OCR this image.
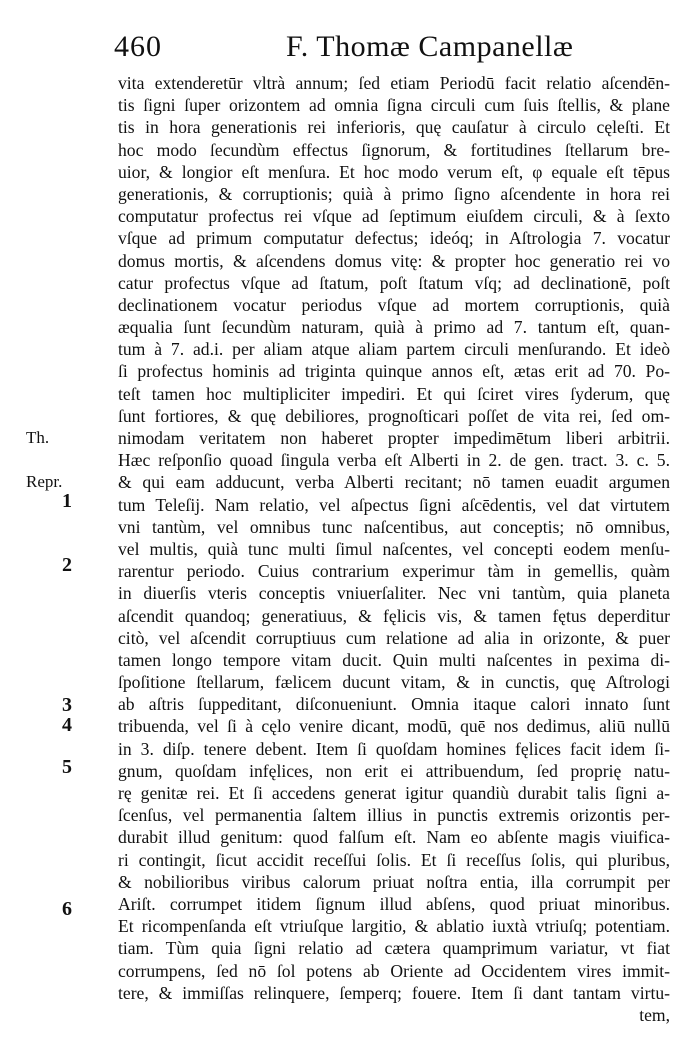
460	F. Thomæ Campanellæ
Th.
Repr.
1
2
3
4
5
6
vita extenderetūr vltrà annum; ſed etiam Periodū facit relatio aſcendēn-
tis ſigni ſuper orizontem ad omnia ſigna circuli cum ſuis ſtellis, & plane
tis in hora generationis rei inferioris, quę cauſatur à circulo cęleſti. Et
hoc modo ſecundùm effectus ſignorum, & fortitudines ſtellarum bre-
uior, & longior eſt menſura. Et hoc modo verum eſt, φ equale eſt tēpus
generationis, & corruptionis; quià à primo ſigno aſcendente in hora rei
computatur profectus rei vſque ad ſeptimum eiuſdem circuli, & à ſexto
vſque ad primum computatur defectus; ideóq; in Aſtrologia 7. vocatur
domus mortis, & aſcendens domus vitę: & propter hoc generatio rei vo
catur profectus vſque ad ſtatum, poſt ſtatum vſq; ad declinationē, poſt
declinationem vocatur periodus vſque ad mortem corruptionis, quià
æqualia ſunt ſecundùm naturam, quià à primo ad 7. tantum eſt, quan-
tum à 7. ad.i. per aliam atque aliam partem circuli menſurando. Et ideò
ſi profectus hominis ad triginta quinque annos eſt, ætas erit ad 70. Po-
teſt tamen hoc multipliciter impediri. Et qui ſciret vires ſyderum, quę
ſunt fortiores, & quę debiliores, prognoſticari poſſet de vita rei, ſed om-
nimodam veritatem non haberet propter impedimētum liberi arbitrii.
Hæc reſponſio quoad ſingula verba eſt Alberti in 2. de gen. tract. 3. c. 5.
& qui eam adducunt, verba Alberti recitant; nō tamen euadit argumen
tum Teleſij. Nam relatio, vel aſpectus ſigni aſcēdentis, vel dat virtutem
vni tantùm, vel omnibus tunc naſcentibus, aut conceptis; nō omnibus,
vel multis, quià tunc multi ſimul naſcentes, vel concepti eodem menſu-
rarentur periodo. Cuius contrarium experimur tàm in gemellis, quàm
in diuerſis vteris conceptis vniuerſaliter. Nec vni tantùm, quia planeta
aſcendit quandoq; generatiuus, & fęlicis vis, & tamen fętus deperditur
citò, vel aſcendit corruptiuus cum relatione ad alia in orizonte, & puer
tamen longo tempore vitam ducit. Quin multi naſcentes in pexima di-
ſpoſitione ſtellarum, fælicem ducunt vitam, & in cunctis, quę Aſtrologi
ab aſtris ſuppeditant, diſconueniunt. Omnia itaque calori innato ſunt
tribuenda, vel ſi à cęlo venire dicant, modū, quē nos dedimus, aliū nullū
in 3. diſp. tenere debent. Item ſi quoſdam homines fęlices facit idem ſi-
gnum, quoſdam infęlices, non erit ei attribuendum, ſed proprię natu-
rę genitæ rei. Et ſi accedens generat igitur quandiù durabit talis ſigni a-
ſcenſus, vel permanentia ſaltem illius in punctis extremis orizontis per-
durabit illud genitum: quod falſum eſt. Nam eo abſente magis viuifica-
ri contingit, ſicut accidit receſſui ſolis. Et ſi receſſus ſolis, qui pluribus,
& nobilioribus viribus calorum priuat noſtra entia, illa corrumpit per
Ariſt. corrumpet itidem ſignum illud abſens, quod priuat minoribus.
Et ricompenſanda eſt vtriuſque largitio, & ablatio iuxtà vtriuſq; potentiam.
tiam. Tùm quia ſigni relatio ad cætera quamprimum variatur, vt fiat
corrumpens, ſed nō ſol potens ab Oriente ad Occidentem vires immit-
tere, & immiſſas relinquere, ſemperq; fouere. Item ſi dant tantam virtu-
tem,
